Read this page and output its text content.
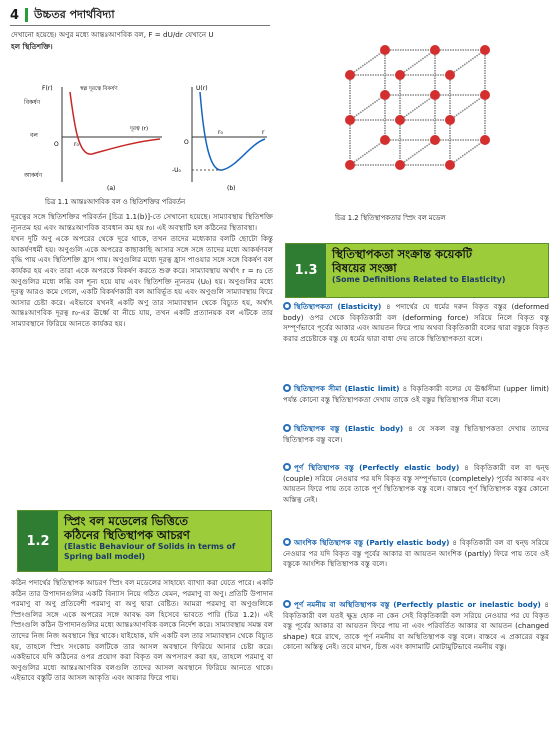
4 উচ্চতর পদার্থবিদ্যা

দেখানো হয়েছে। অণুর মধ্যে আন্তঃআণবিক বল, F = dU/dr যেখানে U

হল স্থিতিশক্তি।

F(r)	স্বল্প দূরত্বে বিকর্ষণ
বিকর্ষণ
বল
আকর্ষণ
দূরত্ব (r)
r₀
O
(a)
U(r)
-U₀
r₀	r
O
(b)
চিত্র 1.1 আন্তঃআণবিক বল ও স্থিতিশক্তির পরিবর্তন
চিত্র 1.2 স্থিতিস্থাপকতার স্প্রিং বল মডেল

দূরত্বের সঙ্গে স্থিতিশক্তির পরিবর্তন [চিত্র 1.1(b)]-তে সেখানো হয়েছে। সাম্যাবস্থায় স্থিতিশক্তি ন্যূনতম হয় এবং আন্তঃআণবিক ব্যবধান কম হয় r₀। এই অবস্থাটি হল কঠিনের স্থিতাবস্থা।

যখন দুটি অণু একে অপরের থেকে দূরে থাকে, তখন তাদের মধ্যেকার বলটি ছোটো কিন্তু আকর্ষণধর্মী হয়। অণুগুলি একে অপরের কাছাকাছি আসার সঙ্গে সঙ্গে তাদের মধ্যে আকর্ষণবল বৃদ্ধি পায় এবং স্থিতিশক্তি হ্রাস পায়। অণুগুলির মধ্যে দূরত্ব হ্রাস পাওয়ার সঙ্গে সঙ্গে বিকর্ষণ বল কার্যকর হয় এবং তারা একে অপরকে বিকর্ষণ করতে শুরু করে। সাম্যাবস্থায় অর্থাৎ r = r₀ তে অণুগুলির মধ্যে লব্ধি বল শূন্য হয়ে যায় এবং স্থিতিশক্তি ন্যূনতম (U₀) হয়। অণুগুলির মধ্যে দূরত্ব আরও কমে গেলে, একটি বিকর্ষণকারী বল আবির্ভূত হয় এবং অণুগুলি সাম্যাবস্থায় ফিরে আসার চেষ্টা করে। এইভাবে যখনই একটি অণু তার সাম্যাবস্থান থেকে বিচ্যুত হয়, অর্থাৎ আন্তঃআণবিক দূরত্ব r₀-এর ঊর্ধ্বে বা নীচে যায়, তখন একটি প্রত্যানয়ক বল এটিকে তার সাম্যাবস্থানে ফিরিয়ে আনতে কার্যকর হয়।

1.2
স্প্রিং বল মডেলের ভিত্তিতে
কঠিনের স্থিতিস্থাপক আচরণ
(Elastic Behaviour of Solids in terms of
Spring ball model)

কঠিন পদার্থের স্থিতিস্থাপক আচরণ স্প্রিং বল মডেলের সাহায্যে ব্যাখ্যা করা যেতে পারে। একটি কঠিন তার উপাদানগুলির একটি বিন্যাস নিয়ে গঠিত যেমন, পরমাণু বা অণু। প্রতিটি উপাদান পরমাণু বা অণু প্রতিবেশী পরমাণু বা অণু দ্বারা বেষ্টিত। আমরা পরমাণু বা অণুগুলিকে স্প্রিংগুলির সঙ্গে একে অপরের সঙ্গে আবদ্ধ বল হিসেবে ভাবতে পারি (চিত্র 1.2)। এই স্প্রিংগুলি কঠিন উপাদানগুলির মধ্যে আন্তঃআণবিক বলকে নির্দেশ করে। সাম্যাবস্থায় সমস্ত বল তাদের নিজ নিজ অবস্থানে স্থির থাকে। যাইহোক, যদি একটি বল তার সাম্যাবস্থান থেকে বিচ্যুত হয়, তাহলে স্প্রিং সংকোচ বলটিকে তার আসল অবস্থানে ফিরিয়ে আনার চেষ্টা করে। একইভাবে যদি কঠিনের ওপর প্রয়োগ করা বিকৃত বল অপসারণ করা হয়, তাহলে পরমাণু বা অণুগুলির মধ্যে আন্তঃআণবিক বলগুলি তাদের আসল অবস্থানে ফিরিয়ে আনতে থাকে। এইভাবে বস্তুটি তার আসল আকৃতি এবং আকার ফিরে পায়।

1.3
স্থিতিস্থাপকতা সংক্রান্ত কয়েকটি
বিষয়ের সংজ্ঞা
(Some Definitions Related to Elasticity)
স্থিতিস্থাপকতা (Elasticity) ৪ পদার্থের যে ধর্মের দরুন বিকৃত বস্তুর (deformed body) ওপর থেকে বিকৃতিকারী বল (deforming force) সরিয়ে নিলে বিকৃত বস্তু সম্পূর্ণভাবে পূর্বের আকার এবং আয়তন ফিরে পায় অথবা বিকৃতিকারী বলের দ্বারা বস্তুকে বিকৃত করার প্রচেষ্টাকে বস্তু যে ধর্মের দ্বারা বাধা দেয় তাকে স্থিতিস্থাপকতা বলে।
স্থিতিস্থাপক সীমা (Elastic limit) ৪ বিকৃতিকারী বলের যে ঊর্ধ্বসীমা (upper limit) পর্যন্ত কোনো বস্তু স্থিতিস্থাপকতা দেখায় তাকে ওই বস্তুর স্থিতিস্থাপক সীমা বলে।
স্থিতিস্থাপক বস্তু (Elastic body) ৪ যে সকল বস্তু স্থিতিস্থাপকতা দেখায় তাদের স্থিতিস্থাপক বস্তু বলে।
পূর্ণ স্থিতিস্থাপক বস্তু (Perfectly elastic body) ৪ বিকৃতিকারী বল বা দ্বন্দ্ব (couple) সরিয়ে নেওয়ার পর যদি বিকৃত বস্তু সম্পূর্ণভাবে (completely) পূর্বের আকার এবং আয়তন ফিরে পায় তবে তাকে পূর্ণ স্থিতিস্থাপক বস্তু বলে। বাস্তবে পূর্ণ স্থিতিস্থাপক বস্তুর কোনো অস্তিত্ব নেই।
আংশিক স্থিতিস্থাপক বস্তু (Partly elastic body) ৪ বিকৃতিকারী বল বা দ্বন্দ্ব সরিয়ে নেওয়ার পর যদি বিকৃত বস্তু পূর্বের আকার বা আয়তন আংশিক (partly) ফিরে পায় তবে ওই বস্তুকে আংশিক স্থিতিস্থাপক বস্তু বলে।
পূর্ণ নমনীয় বা অস্থিতিস্থাপক বস্তু (Perfectly plastic or inelastic body) ৪ বিকৃতিকারী বল যতই ক্ষুদ্র হোক না কেন সেই বিকৃতিকারী বল সরিয়ে নেওয়ার পর যে বিকৃত বস্তু পূর্বের আকার বা আয়তন ফিরে পায় না এবং পরিবর্তিত আকার বা আয়তন (changed shape) ধরে রাখে, তাকে পূর্ণ নমনীয় বা অস্থিতিস্থাপক বস্তু বলে। বাস্তবে এ প্রকারের বস্তুর কোনো অস্তিত্ব নেই। তবে মাখন, চিজ এবং কাদামাটি মোটামুটিভাবে নমনীয় বস্তু।
